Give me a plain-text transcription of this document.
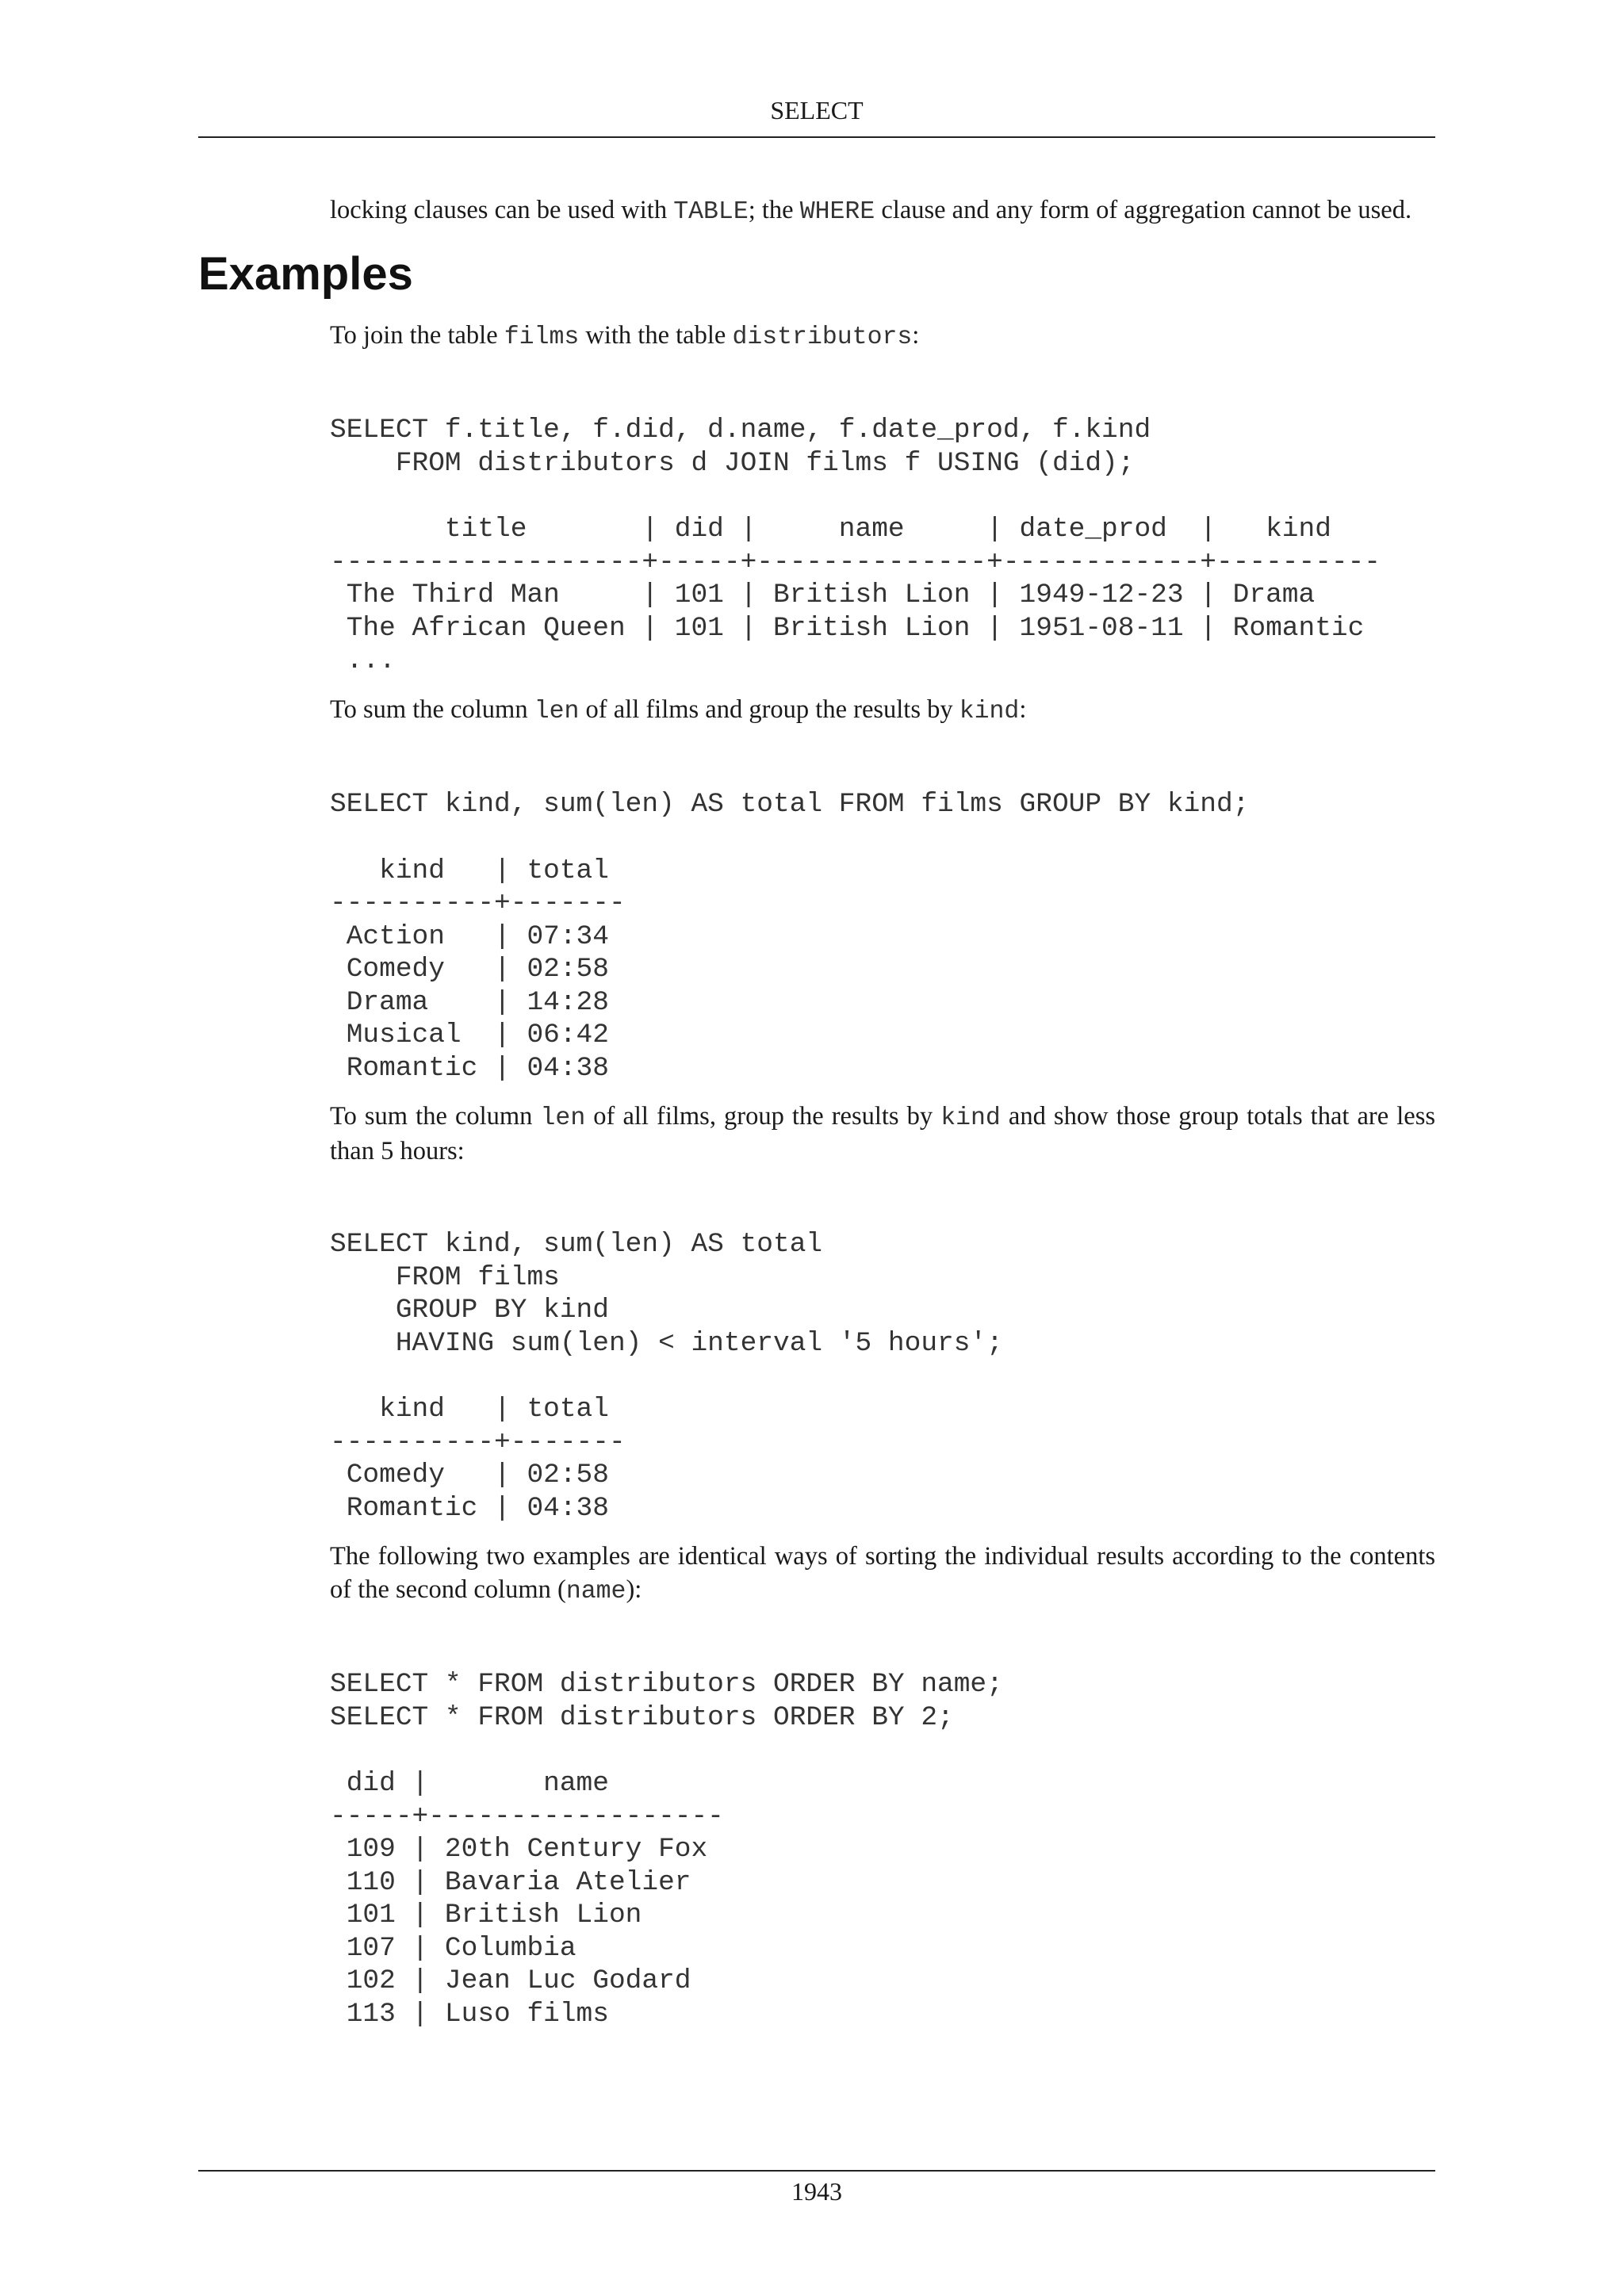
SELECT

locking clauses can be used with TABLE; the WHERE clause and any form of aggregation cannot be used.

Examples

To join the table films with the table distributors:

SELECT f.title, f.did, d.name, f.date_prod, f.kind
FROM distributors d JOIN films f USING (did);
title       | did |     name     | date_prod  |   kind
-------------------+-----+--------------+------------+----------
The Third Man     | 101 | British Lion | 1949-12-23 | Drama
The African Queen | 101 | British Lion | 1951-08-11 | Romantic
...

To sum the column len of all films and group the results by kind:

SELECT kind, sum(len) AS total FROM films GROUP BY kind;
kind   | total
----------+-------
Action   | 07:34
Comedy   | 02:58
Drama    | 14:28
Musical  | 06:42
Romantic | 04:38

To sum the column len of all films, group the results by kind and show those group totals that are less than 5 hours:

SELECT kind, sum(len) AS total
FROM films
GROUP BY kind
HAVING sum(len) < interval '5 hours';
kind   | total
----------+-------
Comedy   | 02:58
Romantic | 04:38

The following two examples are identical ways of sorting the individual results according to the contents of the second column (name):

SELECT * FROM distributors ORDER BY name;
SELECT * FROM distributors ORDER BY 2;
did |       name
-----+------------------
109 | 20th Century Fox
110 | Bavaria Atelier
101 | British Lion
107 | Columbia
102 | Jean Luc Godard
113 | Luso films
1943
